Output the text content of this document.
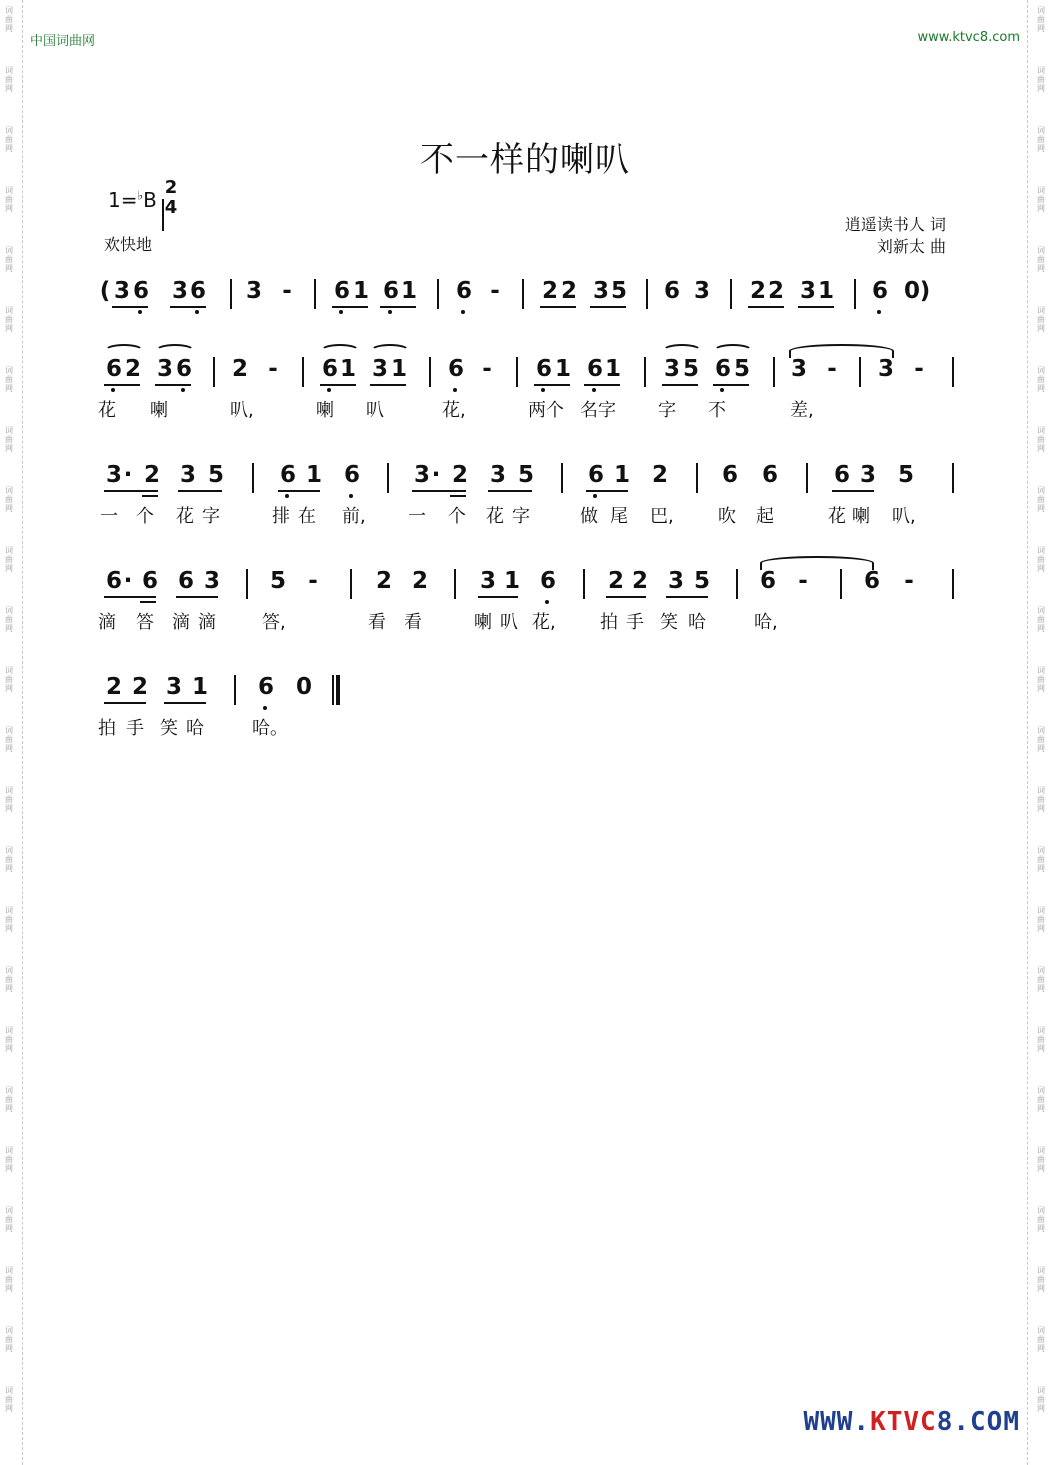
词
曲
网
词
曲
网
词
曲
网
词
曲
网
词
曲
网
词
曲
网
词
曲
网
词
曲
网
词
曲
网
词
曲
网
词
曲
网
词
曲
网
词
曲
网
词
曲
网
词
曲
网
词
曲
网
词
曲
网
词
曲
网
词
曲
网
词
曲
网
词
曲
网
词
曲
网
词
曲
网
词
曲
网
词
曲
网
词
曲
网
词
曲
网
词
曲
网
词
曲
网
词
曲
网
词
曲
网
词
曲
网
词
曲
网
词
曲
网
词
曲
网
词
曲
网
词
曲
网
词
曲
网
词
曲
网
词
曲
网
词
曲
网
词
曲
网
词
曲
网
词
曲
网
词
曲
网
词
曲
网
词
曲
网
词
曲
网
中国词曲网	www.ktvc8.com
不一样的喇叭
1=♭B
2
4
欢快地
逍遥读书人 词
刘新太 曲
( 3 6 3 6 3 - 6 1 6 1 6 - 2 2 3 5 6 3 2 2 3 1 6 0 )
6 2 3 6 2 - 6 1 3 1 6 - 6 1 6 1 3 5 6 5 3 - 3 -
花 喇	叭,	喇 叭	花,	两个 名字 字 不	差,
3 · 2 3 5 6 1 6 3 · 2 3 5 6 1 2 6 6 6 3 5
一 个 花 字	排 在 前, 一 个 花 字	做 尾 巴, 吹 起	花 喇 叭,
6 · 6 6 3 5 -	2 2 3 1 6 2 2 3 5 6 - 6 -
滴 答 滴 滴	答,	看 看	喇 叭 花, 拍 手 笑 哈	哈,
2 2 3 1 6 0
拍 手 笑 哈	哈。
WWW.KTVC8.COM
